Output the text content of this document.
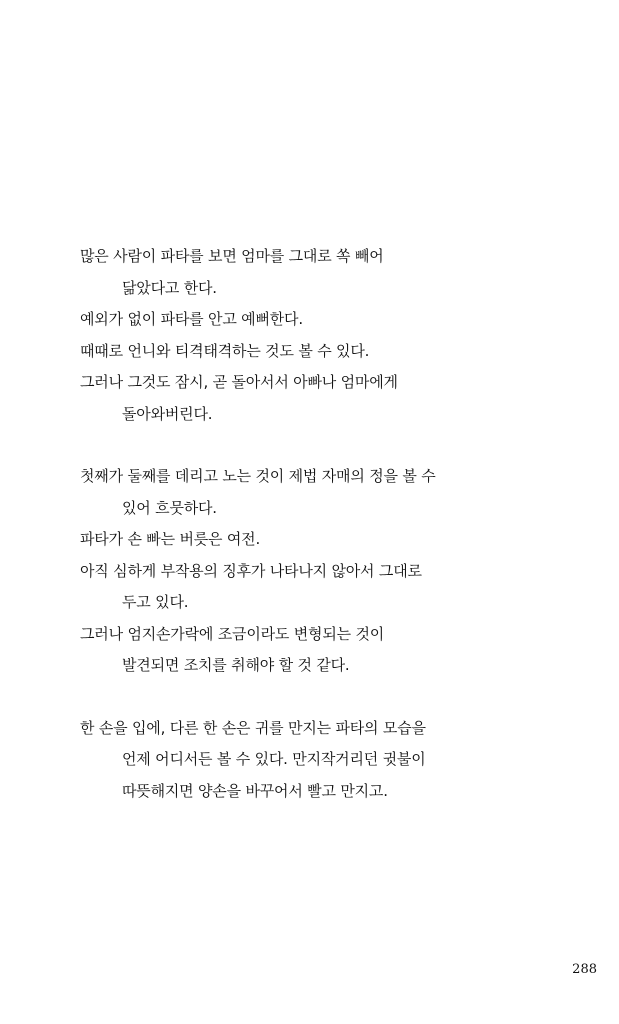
많은 사람이 파타를 보면 엄마를 그대로 쏙 빼어
닮았다고 한다.
예외가 없이 파타를 안고 예뻐한다.
때때로 언니와 티격태격하는 것도 볼 수 있다.
그러나 그것도 잠시, 곧 돌아서서 아빠나 엄마에게
돌아와버린다.
첫째가 둘째를 데리고 노는 것이 제법 자매의 정을 볼 수
있어 흐뭇하다.
파타가 손 빠는 버릇은 여전.
아직 심하게 부작용의 징후가 나타나지 않아서 그대로
두고 있다.
그러나 엄지손가락에 조금이라도 변형되는 것이
발견되면 조치를 취해야 할 것 같다.
한 손을 입에, 다른 한 손은 귀를 만지는 파타의 모습을
언제 어디서든 볼 수 있다. 만지작거리던 귓불이
따뜻해지면 양손을 바꾸어서 빨고 만지고.
288
